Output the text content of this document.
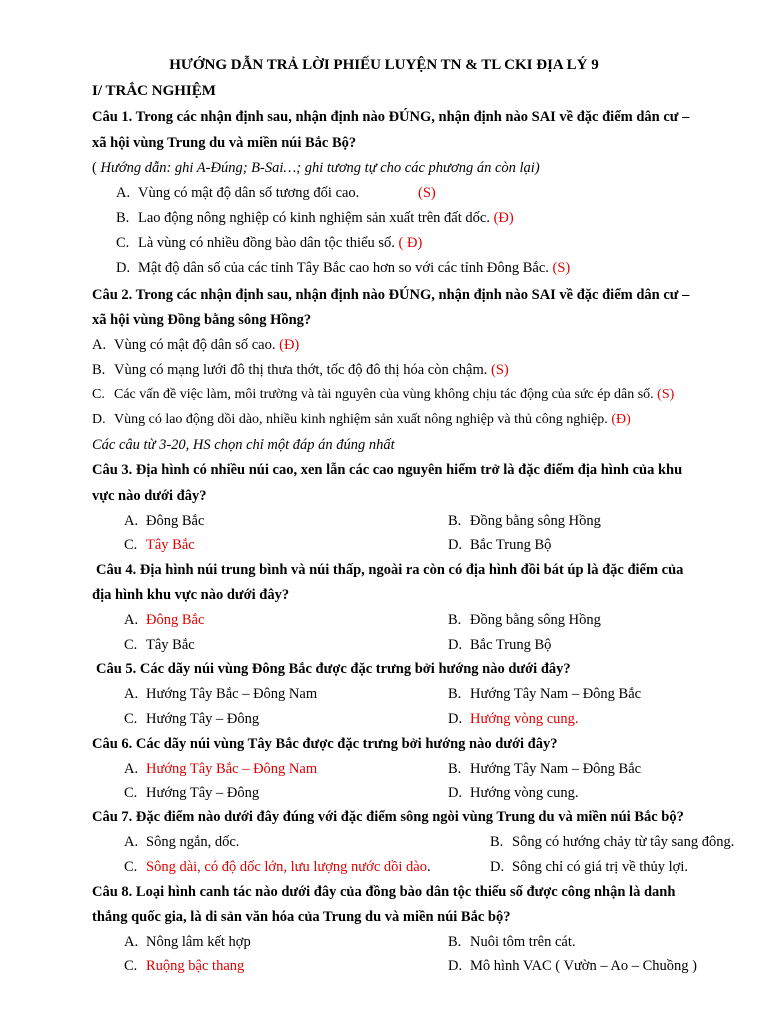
HƯỚNG DẪN TRẢ LỜI PHIẾU LUYỆN TN & TL CKI ĐỊA LÝ 9
I/ TRẮC NGHIỆM
Câu 1. Trong các nhận định sau, nhận định nào ĐÚNG, nhận định nào SAI về đặc điểm dân cư –
xã hội vùng Trung du và miền núi Bắc Bộ?
( Hướng dẫn: ghi A-Đúng; B-Sai…; ghi tương tự cho các phương án còn lại)
A. Vùng có mật độ dân số tương đối cao.	(S)
B. Lao động nông nghiệp có kinh nghiệm sản xuất trên đất dốc. (Đ)
C. Là vùng có nhiều đồng bào dân tộc thiểu số. ( Đ)
D. Mật độ dân số của các tỉnh Tây Bắc cao hơn so với các tỉnh Đông Bắc. (S)
Câu 2. Trong các nhận định sau, nhận định nào ĐÚNG, nhận định nào SAI về đặc điểm dân cư –
xã hội vùng Đồng bằng sông Hồng?
A. Vùng có mật độ dân số cao. (Đ)
B. Vùng có mạng lưới đô thị thưa thớt, tốc độ đô thị hóa còn chậm. (S)
C. Các vấn đề việc làm, môi trường và tài nguyên của vùng không chịu tác động của sức ép dân số. (S)
D. Vùng có lao động dồi dào, nhiều kinh nghiệm sản xuất nông nghiệp và thủ công nghiệp. (Đ)
Các câu từ 3-20, HS chọn chỉ một đáp án đúng nhất
Câu 3. Địa hình có nhiều núi cao, xen lẫn các cao nguyên hiểm trở là đặc điểm địa hình của khu
vực nào dưới đây?
A. Đông Bắc	B. Đồng bằng sông Hồng
C. Tây Bắc	D. Bắc Trung Bộ
Câu 4. Địa hình núi trung bình và núi thấp, ngoài ra còn có địa hình đồi bát úp là đặc điểm của
địa hình khu vực nào dưới đây?
A. Đông Bắc	B. Đồng bằng sông Hồng
C. Tây Bắc	D. Bắc Trung Bộ
Câu 5. Các dãy núi vùng Đông Bắc được đặc trưng bởi hướng nào dưới đây?
A. Hướng Tây Bắc – Đông Nam	B. Hướng Tây Nam – Đông Bắc
C. Hướng Tây – Đông	D. Hướng vòng cung.
Câu 6. Các dãy núi vùng Tây Bắc được đặc trưng bởi hướng nào dưới đây?
A. Hướng Tây Bắc – Đông Nam	B. Hướng Tây Nam – Đông Bắc
C. Hướng Tây – Đông	D. Hướng vòng cung.
Câu 7. Đặc điểm nào dưới đây đúng với đặc điểm sông ngòi vùng Trung du và miền núi Bắc bộ?
A. Sông ngắn, dốc.	B. Sông có hướng chảy từ tây sang đông.
C. Sông dài, có độ dốc lớn, lưu lượng nước dồi dào.	D. Sông chỉ có giá trị về thủy lợi.
Câu 8. Loại hình canh tác nào dưới đây của đồng bào dân tộc thiểu số được công nhận là danh
thắng quốc gia, là di sản văn hóa của Trung du và miền núi Bắc bộ?
A. Nông lâm kết hợp	B. Nuôi tôm trên cát.
C. Ruộng bậc thang	D. Mô hình VAC ( Vườn – Ao – Chuồng )
